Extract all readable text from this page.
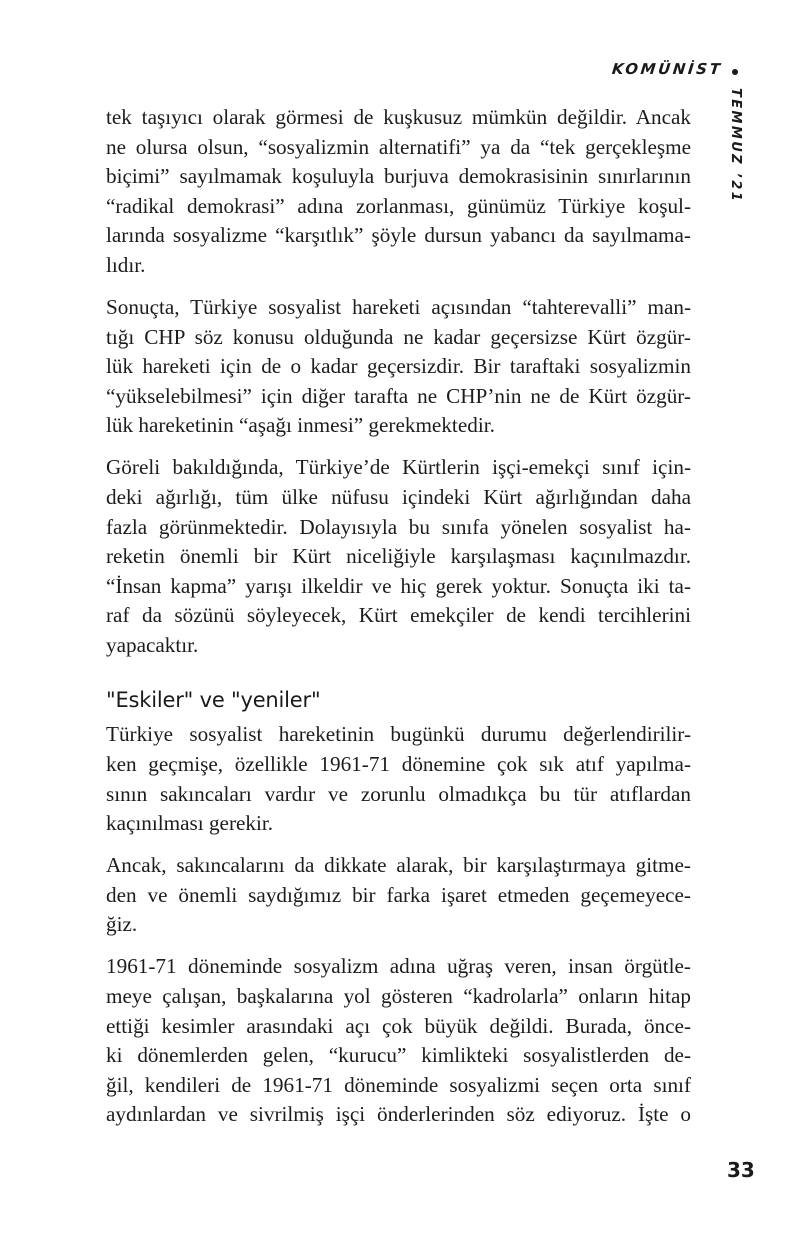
KOMÜNİST
TEMMUZ ’21
tek taşıyıcı olarak görmesi de kuşkusuz mümkün değildir. Ancak
ne olursa olsun, “sosyalizmin alternatifi” ya da “tek gerçekleşme
biçimi” sayılmamak koşuluyla burjuva demokrasisinin sınırlarının
“radikal demokrasi” adına zorlanması, günümüz Türkiye koşul-
larında sosyalizme “karşıtlık” şöyle dursun yabancı da sayılmama-
lıdır.
Sonuçta, Türkiye sosyalist hareketi açısından “tahterevalli” man-
tığı CHP söz konusu olduğunda ne kadar geçersizse Kürt özgür-
lük hareketi için de o kadar geçersizdir. Bir taraftaki sosyalizmin
“yükselebilmesi” için diğer tarafta ne CHP’nin ne de Kürt özgür-
lük hareketinin “aşağı inmesi” gerekmektedir.
Göreli bakıldığında, Türkiye’de Kürtlerin işçi-emekçi sınıf için-
deki ağırlığı, tüm ülke nüfusu içindeki Kürt ağırlığından daha
fazla görünmektedir. Dolayısıyla bu sınıfa yönelen sosyalist ha-
reketin önemli bir Kürt niceliğiyle karşılaşması kaçınılmazdır.
“İnsan kapma” yarışı ilkeldir ve hiç gerek yoktur. Sonuçta iki ta-
raf da sözünü söyleyecek, Kürt emekçiler de kendi tercihlerini
yapacaktır.
"Eskiler" ve "yeniler"
Türkiye sosyalist hareketinin bugünkü durumu değerlendirilir-
ken geçmişe, özellikle 1961-71 dönemine çok sık atıf yapılma-
sının sakıncaları vardır ve zorunlu olmadıkça bu tür atıflardan
kaçınılması gerekir.
Ancak, sakıncalarını da dikkate alarak, bir karşılaştırmaya gitme-
den ve önemli saydığımız bir farka işaret etmeden geçemeyece-
ğiz.
1961-71 döneminde sosyalizm adına uğraş veren, insan örgütle-
meye çalışan, başkalarına yol gösteren “kadrolarla” onların hitap
ettiği kesimler arasındaki açı çok büyük değildi. Burada, önce-
ki dönemlerden gelen, “kurucu” kimlikteki sosyalistlerden de-
ğil, kendileri de 1961-71 döneminde sosyalizmi seçen orta sınıf
aydınlardan ve sivrilmiş işçi önderlerinden söz ediyoruz. İşte o
33
